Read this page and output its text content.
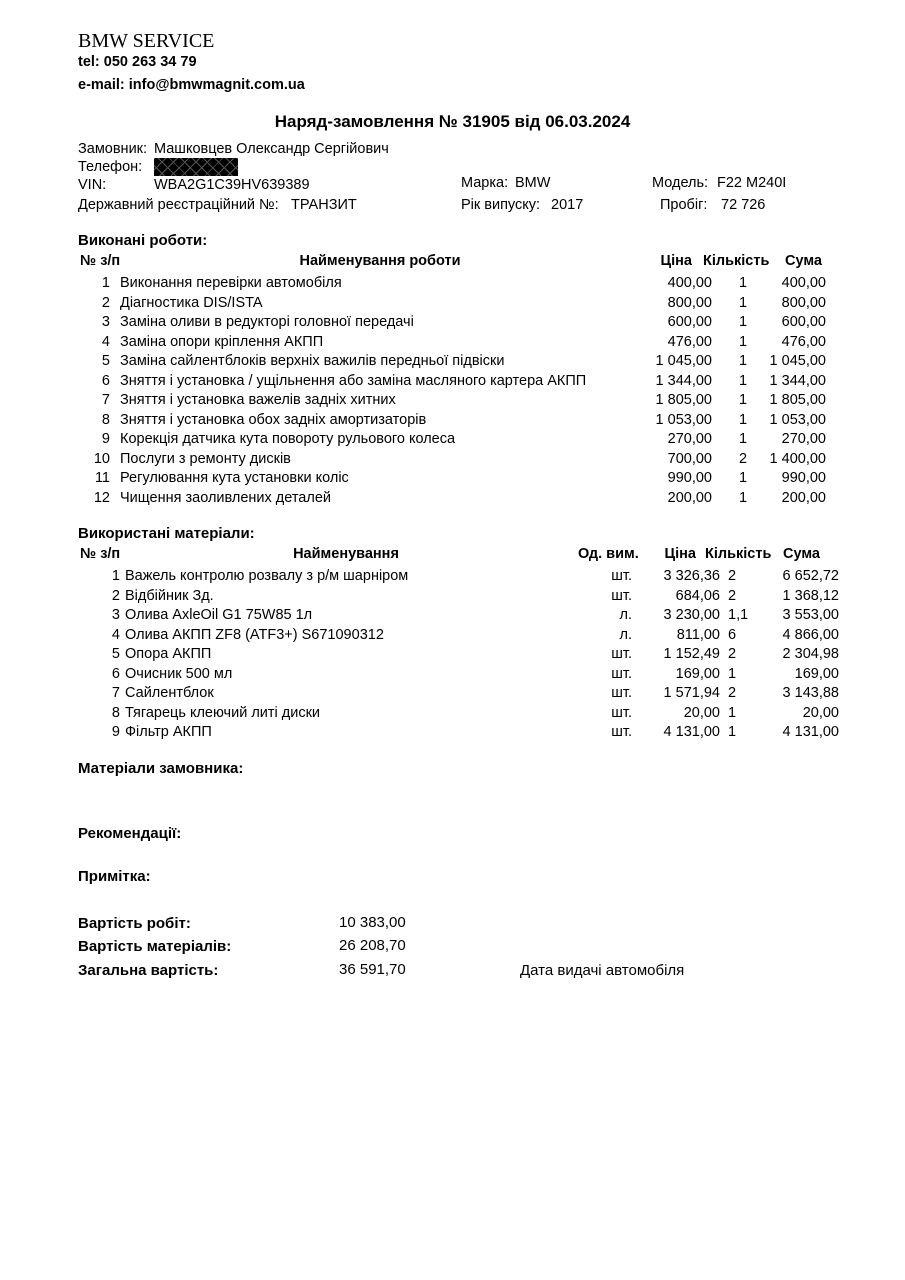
BMW SERVICE
tel: 050 263 34 79
e-mail: info@bmwmagnit.com.ua
Наряд-замовлення № 31905 від 06.03.2024
Замовник: Машковцев Олександр Сергійович
Телефон:
VIN:	WBA2G1C39HV639389	Марка: BMW	Модель: F22 M240I
Державний реєстраційний №: ТРАНЗИТ	Рік випуску: 2017	Пробіг: 72 726
Виконані роботи:
№ з/п	Найменування роботи	Ціна Кількість	Сума
1 Виконання перевірки автомобіля	400,00	1	400,00
2 Діагностика DIS/ISTA	800,00	1	800,00
3 Заміна оливи в редукторі головної передачі	600,00	1	600,00
4 Заміна опори кріплення АКПП	476,00	1	476,00
5 Заміна сайлентблоків верхніх важилів передньої підвіски	1 045,00	1	1 045,00
6 Зняття і установка / ущільнення або заміна масляного картера АКПП	1 344,00	1	1 344,00
7 Зняття і установка важелів задніх хитних	1 805,00	1	1 805,00
8 Зняття і установка обох задніх амортизаторів	1 053,00	1	1 053,00
9 Корекція датчика кута повороту рульового колеса	270,00	1	270,00
10 Послуги з ремонту дисків	700,00	2	1 400,00
11 Регулювання кута установки коліс	990,00	1	990,00
12 Чищення заоливлених деталей	200,00	1	200,00
Використані матеріали:
№ з/п	Найменування	Од. вим.	Ціна Кількість Сума
1 Важель контролю розвалу з р/м шарніром	шт.	3 326,36 2	6 652,72
2 Відбійник Зд.	шт.	684,06 2	1 368,12
3 Олива AxleOil G1 75W85 1л	л.	3 230,00 1,1	3 553,00
4 Олива АКПП ZF8 (ATF3+) S671090312	л.	811,00 6	4 866,00
5 Опора АКПП	шт.	1 152,49 2	2 304,98
6 Очисник 500 мл	шт.	169,00 1	169,00
7 Сайлентблок	шт.	1 571,94 2	3 143,88
8 Тягарець клеючий литі диски	шт.	20,00 1	20,00
9 Фільтр АКПП	шт.	4 131,00 1	4 131,00
Матеріали замовника:
Рекомендації:
Примітка:
Вартість робіт:	10 383,00
Вартість матеріалів:	26 208,70
Загальна вартість:	36 591,70	Дата видачі автомобіля
